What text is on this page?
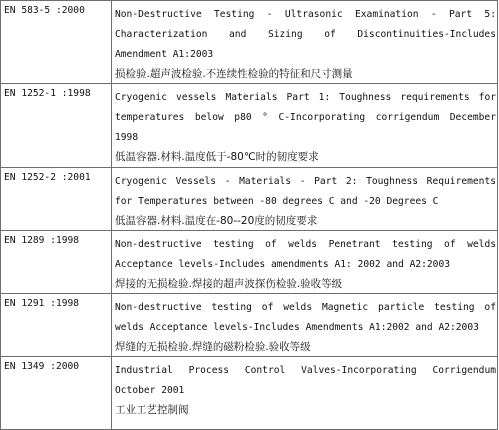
EN 583-5 :2000	Non-Destructive Testing - Ultrasonic Examination - Part 5:
Characterization and Sizing of Discontinuities-Includes
Amendment A1:2003
损检验.超声波检验.不连续性检验的特征和尺寸测量

EN 1252-1 :1998	Cryogenic vessels Materials Part 1: Toughness requirements for
temperatures below p80 ° C-Incorporating corrigendum December
1998
低温容器.材料.温度低于-80℃时的韧度要求

EN 1252-2 :2001	Cryogenic Vessels - Materials - Part 2: Toughness Requirements
for Temperatures between -80 degrees C and -20 Degrees C
低温容器.材料.温度在-80--20度的韧度要求

EN 1289 :1998	Non-destructive testing of welds Penetrant testing of welds
Acceptance levels-Includes amendments A1: 2002 and A2:2003
焊接的无损检验.焊接的超声波探伤检验.验收等级

EN 1291 :1998	Non-destructive testing of welds Magnetic particle testing of
welds Acceptance levels-Includes Amendments A1:2002 and A2:2003
焊缝的无损检验.焊缝的磁粉检验.验收等级

EN 1349 :2000	Industrial Process Control Valves-Incorporating Corrigendum
October 2001
工业工艺控制阀
